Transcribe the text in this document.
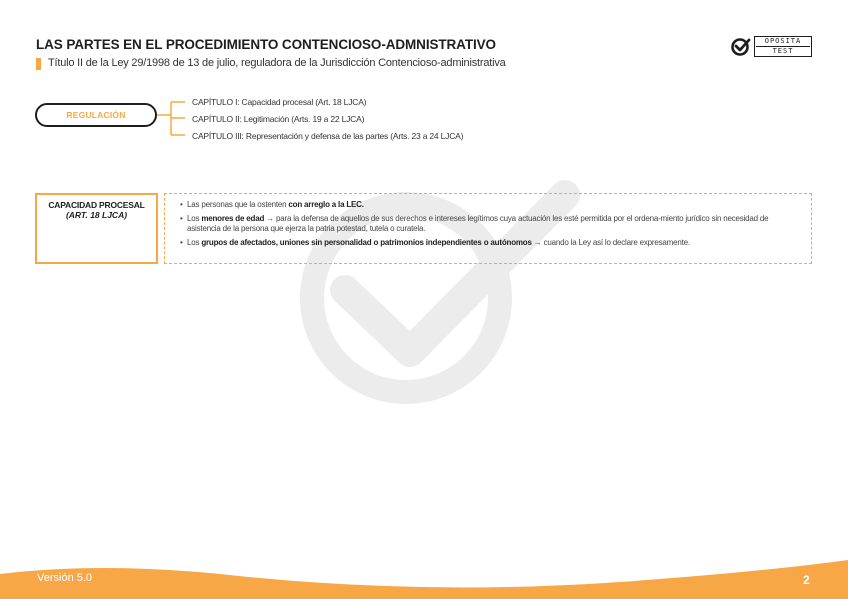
LAS PARTES EN EL PROCEDIMIENTO CONTENCIOSO-ADMNISTRATIVO
Título II de la Ley 29/1998 de 13 de julio, reguladora de la Jurisdicción Contencioso-administrativa
OPOSITA
TEST
REGULACIÓN
CAPÍTULO I: Capacidad procesal (Art. 18 LJCA)
CAPÍTULO II: Legitimación (Arts. 19 a 22 LJCA)
CAPÍTULO III: Representación y defensa de las partes (Arts. 23 a 24 LJCA)
CAPACIDAD PROCESAL
(ART. 18 LJCA)
• Las personas que la ostenten con arreglo a la LEC.
• Los menores de edad → para la defensa de aquellos de sus derechos e intereses legítimos cuya actuación les esté permitida por el ordena-miento jurídico sin necesidad de asistencia de la persona que ejerza la patria potestad, tutela o curatela.
• Los grupos de afectados, uniones sin personalidad o patrimonios independientes o autónomos → cuando la Ley así lo declare expresamente.
Versión 5.0	2
